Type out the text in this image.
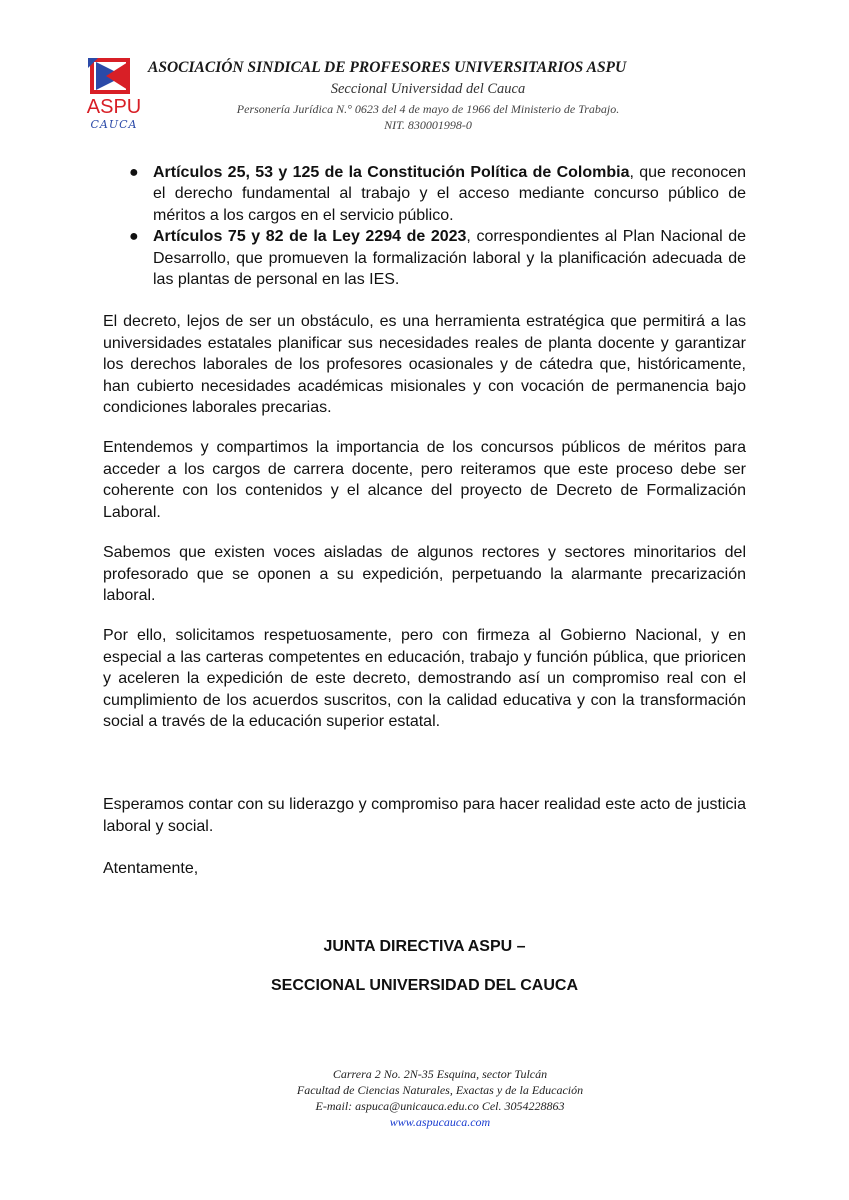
ASPU
CAUCA
ASOCIACIÓN SINDICAL DE PROFESORES UNIVERSITARIOS ASPU
Seccional Universidad del Cauca
Personería Jurídica N.° 0623 del 4 de mayo de 1966 del Ministerio de Trabajo.
NIT. 830001998-0
● Artículos 25, 53 y 125 de la Constitución Política de Colombia, que reconocen el derecho fundamental al trabajo y el acceso mediante concurso público de méritos a los cargos en el servicio público.
● Artículos 75 y 82 de la Ley 2294 de 2023, correspondientes al Plan Nacional de Desarrollo, que promueven la formalización laboral y la planificación adecuada de las plantas de personal en las IES.

El decreto, lejos de ser un obstáculo, es una herramienta estratégica que permitirá a las universidades estatales planificar sus necesidades reales de planta docente y garantizar los derechos laborales de los profesores ocasionales y de cátedra que, históricamente, han cubierto necesidades académicas misionales y con vocación de permanencia bajo condiciones laborales precarias.

Entendemos y compartimos la importancia de los concursos públicos de méritos para acceder a los cargos de carrera docente, pero reiteramos que este proceso debe ser coherente con los contenidos y el alcance del proyecto de Decreto de Formalización Laboral.

Sabemos que existen voces aisladas de algunos rectores y sectores minoritarios del profesorado que se oponen a su expedición, perpetuando la alarmante precarización laboral.

Por ello, solicitamos respetuosamente, pero con firmeza al Gobierno Nacional, y en especial a las carteras competentes en educación, trabajo y función pública, que prioricen y aceleren la expedición de este decreto, demostrando así un compromiso real con el cumplimiento de los acuerdos suscritos, con la calidad educativa y con la transformación social a través de la educación superior estatal.

Esperamos contar con su liderazgo y compromiso para hacer realidad este acto de justicia laboral y social.

Atentamente,
JUNTA DIRECTIVA ASPU –
SECCIONAL UNIVERSIDAD DEL CAUCA
Carrera 2 No. 2N-35 Esquina, sector Tulcán
Facultad de Ciencias Naturales, Exactas y de la Educación
E-mail: aspuca@unicauca.edu.co Cel. 3054228863
www.aspucauca.com
